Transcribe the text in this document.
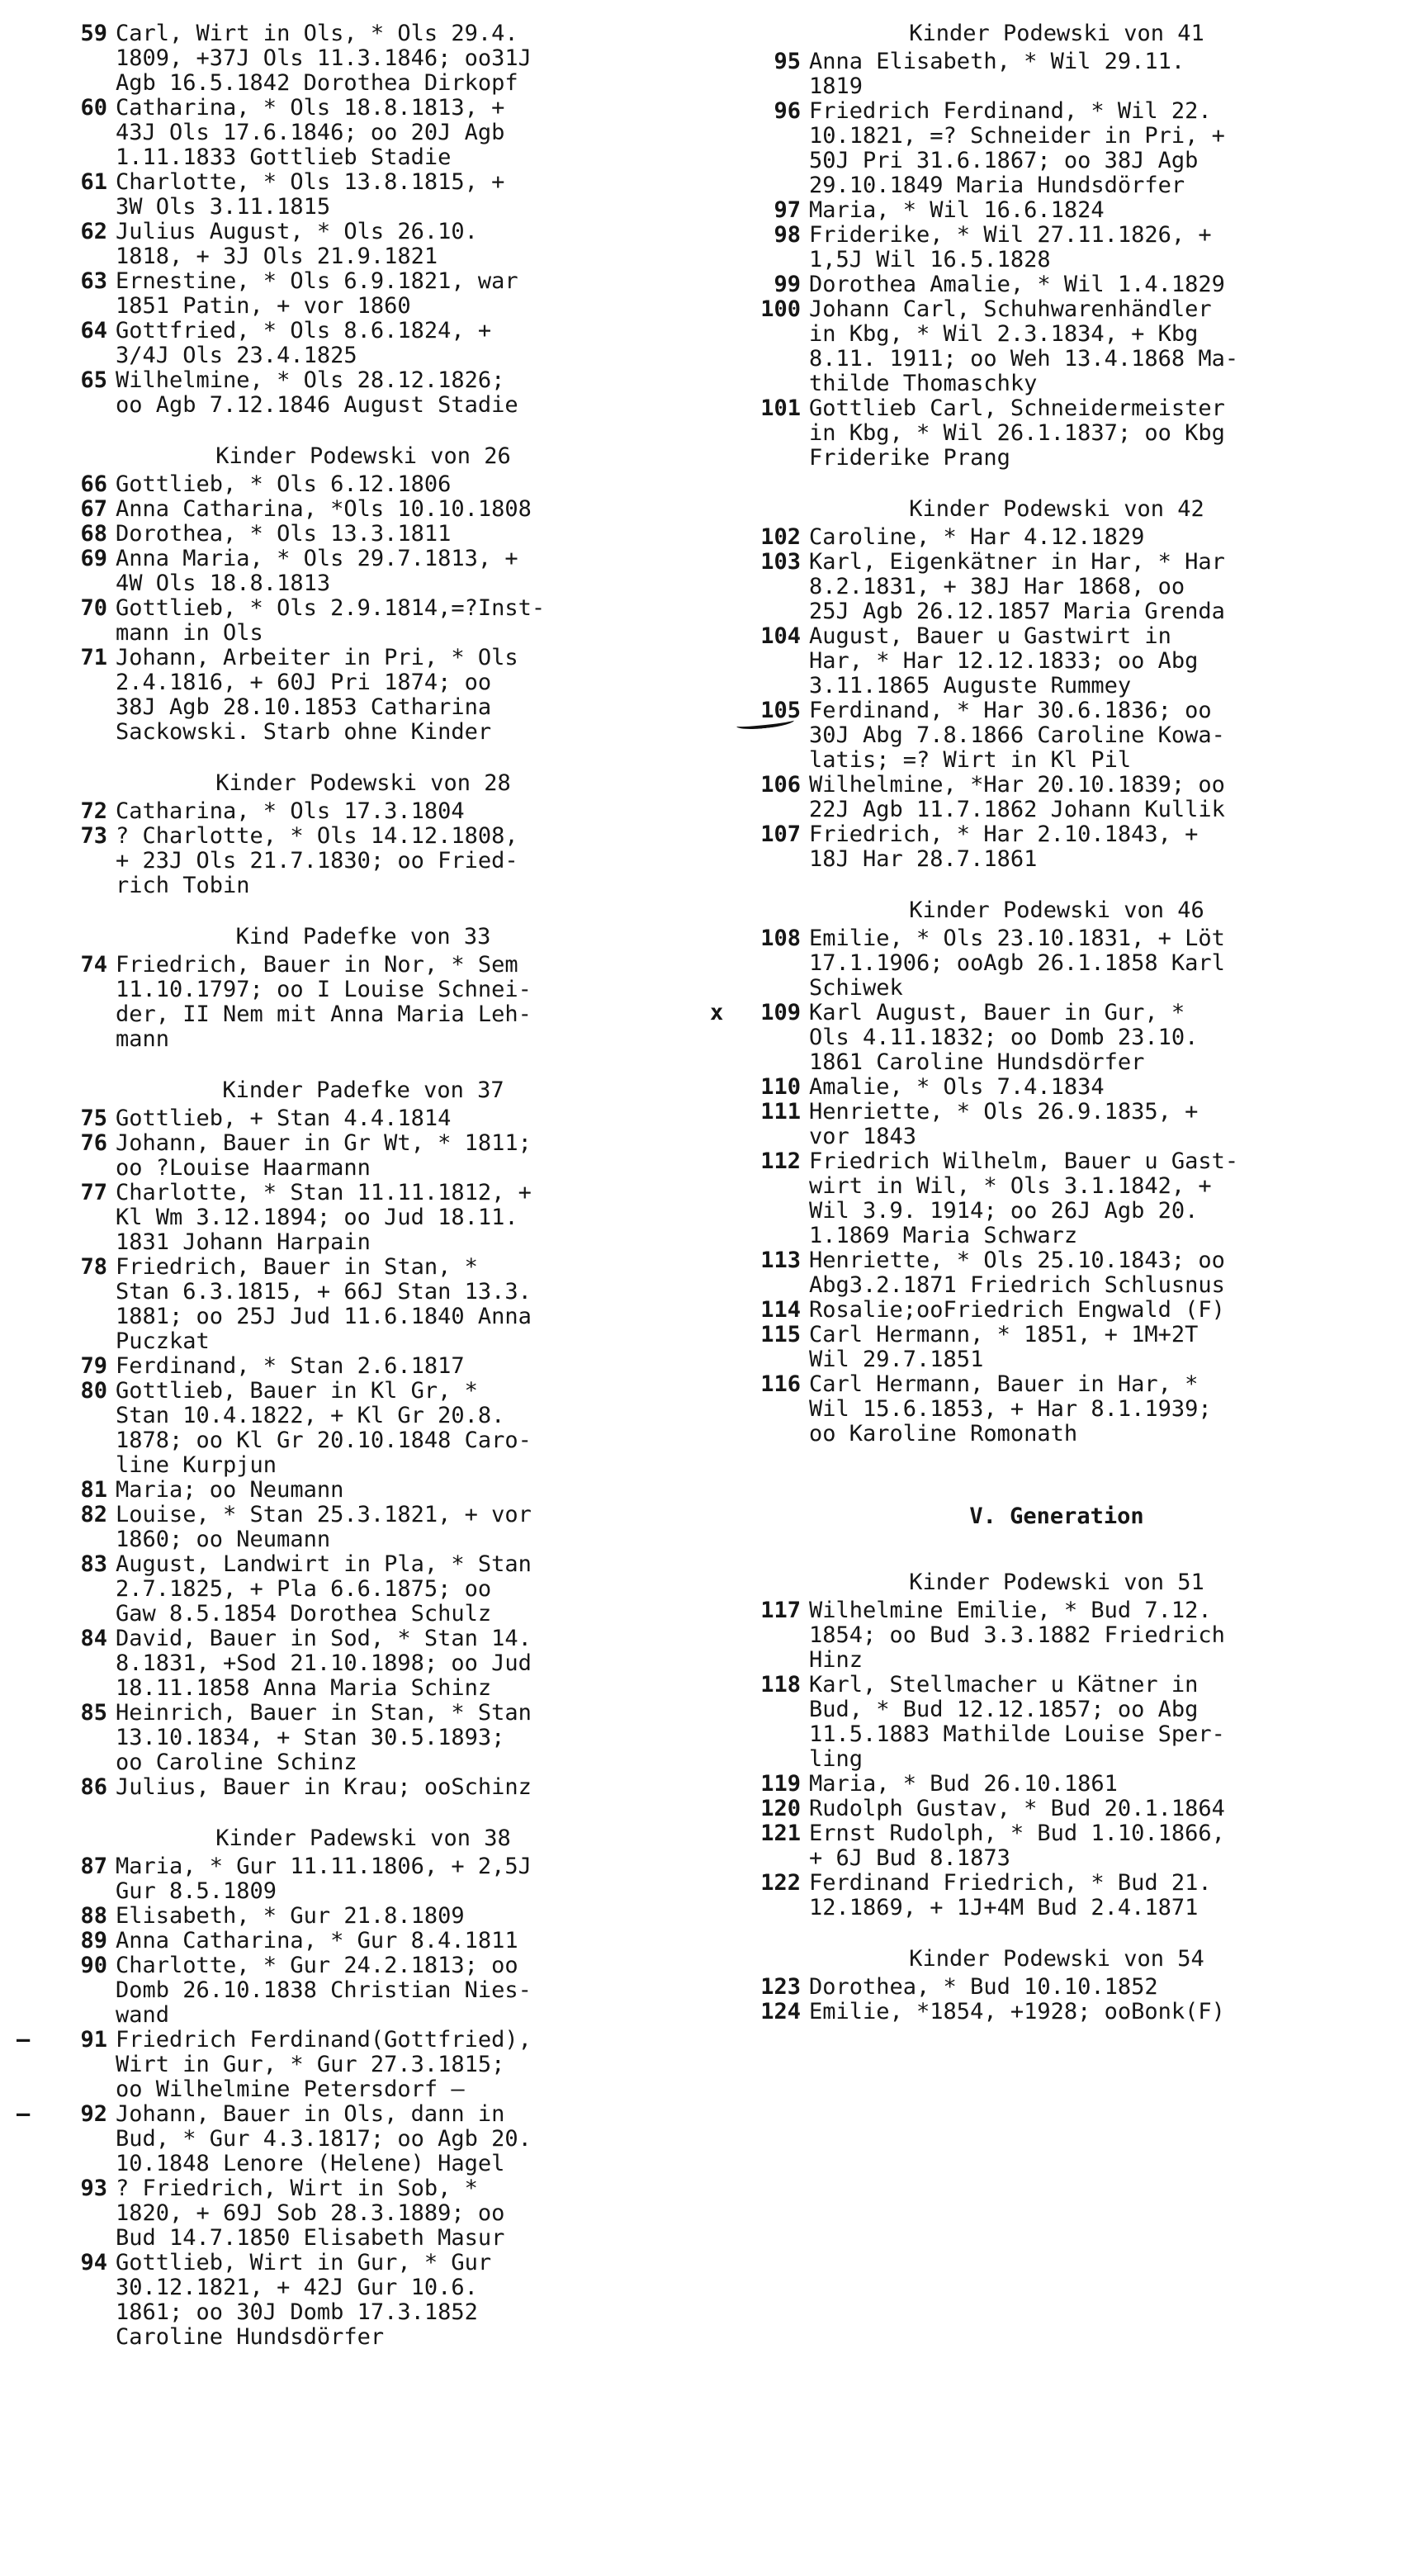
59 Carl, Wirt in Ols, * Ols 29.4.
1809, +37J Ols 11.3.1846; oo31J
Agb 16.5.1842 Dorothea Dirkopf
60 Catharina, * Ols 18.8.1813, +
43J Ols 17.6.1846; oo 20J Agb
1.11.1833 Gottlieb Stadie
61 Charlotte, * Ols 13.8.1815, +
3W Ols 3.11.1815
62 Julius August, * Ols 26.10.
1818, + 3J Ols 21.9.1821
63 Ernestine, * Ols 6.9.1821, war
1851 Patin, + vor 1860
64 Gottfried, * Ols 8.6.1824, +
3/4J Ols 23.4.1825
65 Wilhelmine, * Ols 28.12.1826;
oo Agb 7.12.1846 August Stadie
Kinder Podewski von 26
66 Gottlieb, * Ols 6.12.1806
67 Anna Catharina, *Ols 10.10.1808
68 Dorothea, * Ols 13.3.1811
69 Anna Maria, * Ols 29.7.1813, +
4W Ols 18.8.1813
70 Gottlieb, * Ols 2.9.1814,=?Inst-
mann in Ols
71 Johann, Arbeiter in Pri, * Ols
2.4.1816, + 60J Pri 1874; oo
38J Agb 28.10.1853 Catharina
Sackowski. Starb ohne Kinder
Kinder Podewski von 28
72 Catharina, * Ols 17.3.1804
73 ? Charlotte, * Ols 14.12.1808,
+ 23J Ols 21.7.1830; oo Fried-
rich Tobin
Kind Padefke von 33
74 Friedrich, Bauer in Nor, * Sem
11.10.1797; oo I Louise Schnei-
der, II Nem mit Anna Maria Leh-
mann
Kinder Padefke von 37
75 Gottlieb, + Stan 4.4.1814
76 Johann, Bauer in Gr Wt, * 1811;
oo ?Louise Haarmann
77 Charlotte, * Stan 11.11.1812, +
Kl Wm 3.12.1894; oo Jud 18.11.
1831 Johann Harpain
78 Friedrich, Bauer in Stan, *
Stan 6.3.1815, + 66J Stan 13.3.
1881; oo 25J Jud 11.6.1840 Anna
Puczkat
79 Ferdinand, * Stan 2.6.1817
80 Gottlieb, Bauer in Kl Gr, *
Stan 10.4.1822, + Kl Gr 20.8.
1878; oo Kl Gr 20.10.1848 Caro-
line Kurpjun
81 Maria; oo Neumann
82 Louise, * Stan 25.3.1821, + vor
1860; oo Neumann
83 August, Landwirt in Pla, * Stan
2.7.1825, + Pla 6.6.1875; oo
Gaw 8.5.1854 Dorothea Schulz
84 David, Bauer in Sod, * Stan 14.
8.1831, +Sod 21.10.1898; oo Jud
18.11.1858 Anna Maria Schinz
85 Heinrich, Bauer in Stan, * Stan
13.10.1834, + Stan 30.5.1893;
oo Caroline Schinz
86 Julius, Bauer in Krau; ooSchinz
Kinder Padewski von 38
87 Maria, * Gur 11.11.1806, + 2,5J
Gur 8.5.1809
88 Elisabeth, * Gur 21.8.1809
89 Anna Catharina, * Gur 8.4.1811
90 Charlotte, * Gur 24.2.1813; oo
Domb 26.10.1838 Christian Nies-
wand
–	91 Friedrich Ferdinand(Gottfried),
Wirt in Gur, * Gur 27.3.1815;
oo Wilhelmine Petersdorf –
–	92 Johann, Bauer in Ols, dann in
Bud, * Gur 4.3.1817; oo Agb 20.
10.1848 Lenore (Helene) Hagel
93 ? Friedrich, Wirt in Sob, *
1820, + 69J Sob 28.3.1889; oo
Bud 14.7.1850 Elisabeth Masur
94 Gottlieb, Wirt in Gur, * Gur
30.12.1821, + 42J Gur 10.6.
1861; oo 30J Domb 17.3.1852
Caroline Hundsdörfer
Kinder Podewski von 41
95 Anna Elisabeth, * Wil 29.11.
1819
96 Friedrich Ferdinand, * Wil 22.
10.1821, =? Schneider in Pri, +
50J Pri 31.6.1867; oo 38J Agb
29.10.1849 Maria Hundsdörfer
97 Maria, * Wil 16.6.1824
98 Friderike, * Wil 27.11.1826, +
1,5J Wil 16.5.1828
99 Dorothea Amalie, * Wil 1.4.1829
100 Johann Carl, Schuhwarenhändler
in Kbg, * Wil 2.3.1834, + Kbg
8.11. 1911; oo Weh 13.4.1868 Ma-
thilde Thomaschky
101 Gottlieb Carl, Schneidermeister
in Kbg, * Wil 26.1.1837; oo Kbg
Friderike Prang
Kinder Podewski von 42
102 Caroline, * Har 4.12.1829
103 Karl, Eigenkätner in Har, * Har
8.2.1831, + 38J Har 1868, oo
25J Agb 26.12.1857 Maria Grenda
104 August, Bauer u Gastwirt in
Har, * Har 12.12.1833; oo Abg
3.11.1865 Auguste Rummey
105 Ferdinand, * Har 30.6.1836; oo
30J Abg 7.8.1866 Caroline Kowa-
latis; =? Wirt in Kl Pil
106 Wilhelmine, *Har 20.10.1839; oo
22J Agb 11.7.1862 Johann Kullik
107 Friedrich, * Har 2.10.1843, +
18J Har 28.7.1861
Kinder Podewski von 46
108 Emilie, * Ols 23.10.1831, + Löt
17.1.1906; ooAgb 26.1.1858 Karl
Schiwek
x	109 Karl August, Bauer in Gur, *
Ols 4.11.1832; oo Domb 23.10.
1861 Caroline Hundsdörfer
110 Amalie, * Ols 7.4.1834
111 Henriette, * Ols 26.9.1835, +
vor 1843
112 Friedrich Wilhelm, Bauer u Gast-
wirt in Wil, * Ols 3.1.1842, +
Wil 3.9. 1914; oo 26J Agb 20.
1.1869 Maria Schwarz
113 Henriette, * Ols 25.10.1843; oo
Abg3.2.1871 Friedrich Schlusnus
114 Rosalie;ooFriedrich Engwald (F)
115 Carl Hermann, * 1851, + 1M+2T
Wil 29.7.1851
116 Carl Hermann, Bauer in Har, *
Wil 15.6.1853, + Har 8.1.1939;
oo Karoline Romonath
V. Generation
Kinder Podewski von 51
117 Wilhelmine Emilie, * Bud 7.12.
1854; oo Bud 3.3.1882 Friedrich
Hinz
118 Karl, Stellmacher u Kätner in
Bud, * Bud 12.12.1857; oo Abg
11.5.1883 Mathilde Louise Sper-
ling
119 Maria, * Bud 26.10.1861
120 Rudolph Gustav, * Bud 20.1.1864
121 Ernst Rudolph, * Bud 1.10.1866,
+ 6J Bud 8.1873
122 Ferdinand Friedrich, * Bud 21.
12.1869, + 1J+4M Bud 2.4.1871
Kinder Podewski von 54
123 Dorothea, * Bud 10.10.1852
124 Emilie, *1854, +1928; ooBonk(F)
